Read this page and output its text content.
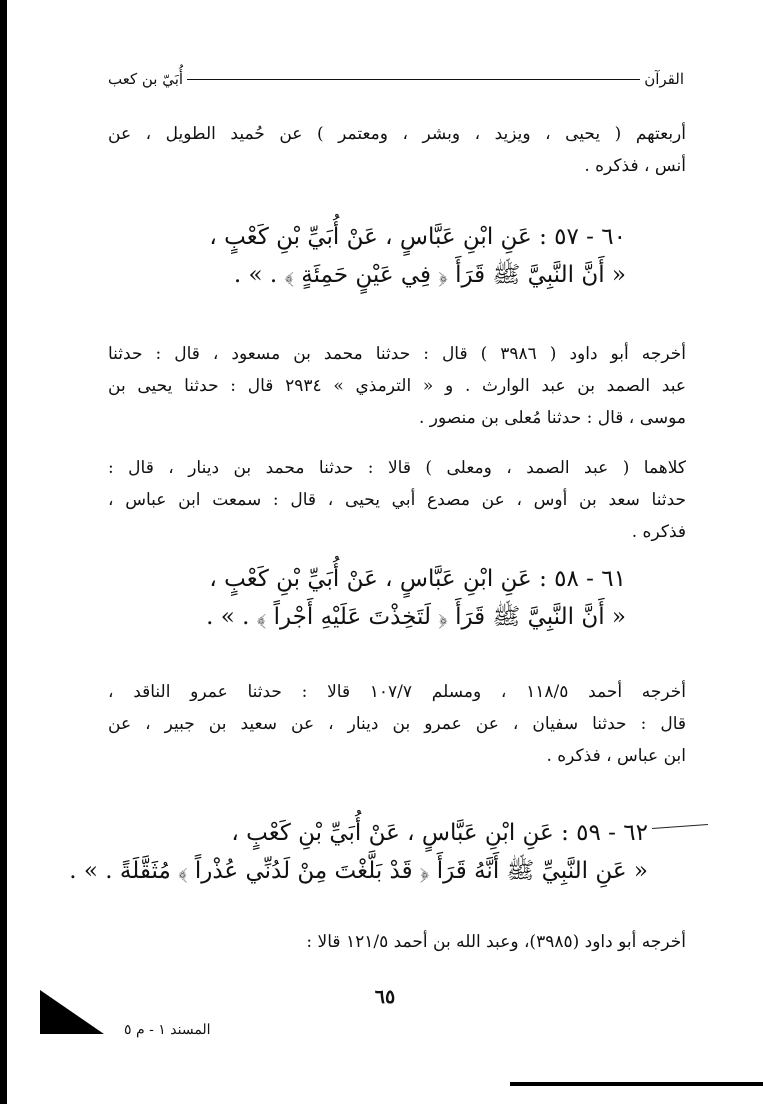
القرآن
أُبَيّ بن كعب
أربعتهم ( يحيى ، ويزيد ، وبشر ، ومعتمر ) عن حُميد الطويل ، عن
أنس ، فذكره .
٦٠ - ٥٧ : عَنِ ابْنِ عَبَّاسٍ ، عَنْ أُبَيِّ بْنِ كَعْبٍ ،
« أَنَّ النَّبِيَّ ﷺ قَرَأَ ﴿ فِي عَيْنٍ حَمِئَةٍ ﴾ . » .
أخرجه أبو داود ( ٣٩٨٦ ) قال : حدثنا محمد بن مسعود ، قال : حدثنا
عبد الصمد بن عبد الوارث . و « الترمذي » ٢٩٣٤ قال : حدثنا يحيى بن
موسى ، قال : حدثنا مُعلى بن منصور .
كلاهما ( عبد الصمد ، ومعلى ) قالا : حدثنا محمد بن دينار ، قال :
حدثنا سعد بن أوس ، عن مصدع أبي يحيى ، قال : سمعت ابن عباس ،
فذكره .
٦١ - ٥٨ : عَنِ ابْنِ عَبَّاسٍ ، عَنْ أُبَيِّ بْنِ كَعْبٍ ،
« أَنَّ النَّبِيَّ ﷺ قَرَأَ ﴿ لَتَخِذْتَ عَلَيْهِ أَجْراً ﴾ . » .
أخرجه أحمد ١١٨/٥ ، ومسلم ١٠٧/٧ قالا : حدثنا عمرو الناقد ،
قال : حدثنا سفيان ، عن عمرو بن دينار ، عن سعيد بن جبير ، عن
ابن عباس ، فذكره .
٦٢ - ٥٩ : عَنِ ابْنِ عَبَّاسٍ ، عَنْ أُبَيِّ بْنِ كَعْبٍ ،
« عَنِ النَّبِيِّ ﷺ أَنَّهُ قَرَأَ ﴿ قَدْ بَلَّغْتَ مِنْ لَدُنِّي عُذْراً ﴾ مُثَقَّلَةً . » .
أخرجه أبو داود (٣٩٨٥)، وعبد الله بن أحمد ١٢١/٥ قالا :
٦٥
المسند ١ - م ٥
